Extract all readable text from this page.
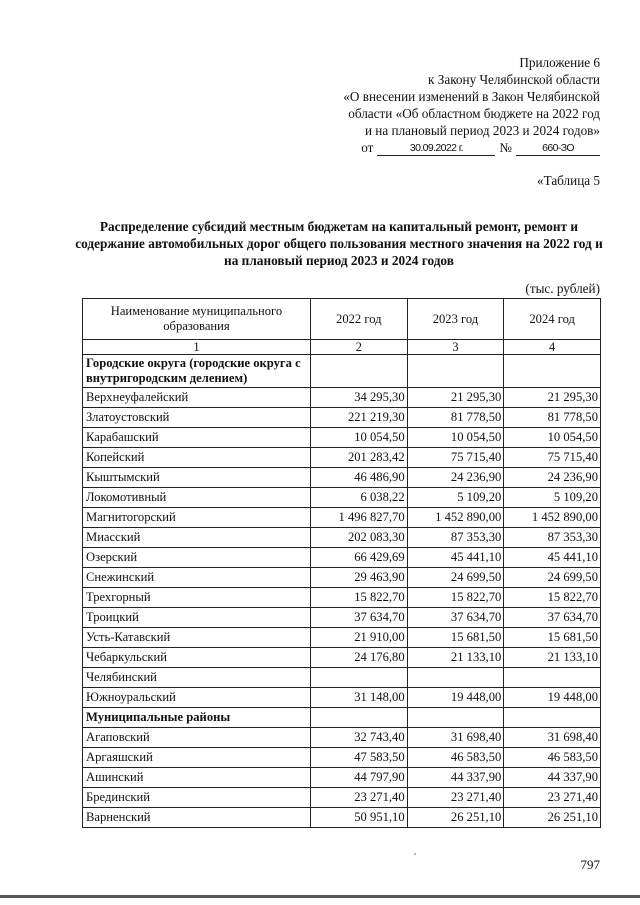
Приложение 6
к Закону Челябинской области
«О внесении изменений в Закон Челябинской
области «Об областном бюджете на 2022 год
и на плановый период 2023 и 2024 годов»
от	30.09.2022 г.	№	660-ЗО
«Таблица 5
Распределение субсидий местным бюджетам на капитальный ремонт, ремонт и содержание автомобильных дорог общего пользования местного значения на 2022 год и на плановый период 2023 и 2024 годов
(тыс. рублей)
Наименование муниципального образования	2022 год	2023 год	2024 год
1	2	3	4
Городские округа (городские округа с внутригородским делением)			
Верхнеуфалейский	34 295,30	21 295,30	21 295,30
Златоустовский	221 219,30	81 778,50	81 778,50
Карабашский	10 054,50	10 054,50	10 054,50
Копейский	201 283,42	75 715,40	75 715,40
Кыштымский	46 486,90	24 236,90	24 236,90
Локомотивный	6 038,22	5 109,20	5 109,20
Магнитогорский	1 496 827,70	1 452 890,00	1 452 890,00
Миасский	202 083,30	87 353,30	87 353,30
Озерский	66 429,69	45 441,10	45 441,10
Снежинский	29 463,90	24 699,50	24 699,50
Трехгорный	15 822,70	15 822,70	15 822,70
Троицкий	37 634,70	37 634,70	37 634,70
Усть-Катавский	21 910,00	15 681,50	15 681,50
Чебаркульский	24 176,80	21 133,10	21 133,10
Челябинский			
Южноуральский	31 148,00	19 448,00	19 448,00
Муниципальные районы			
Агаповский	32 743,40	31 698,40	31 698,40
Аргаяшский	47 583,50	46 583,50	46 583,50
Ашинский	44 797,90	44 337,90	44 337,90
Брединский	23 271,40	23 271,40	23 271,40
Варненский	50 951,10	26 251,10	26 251,10
797
